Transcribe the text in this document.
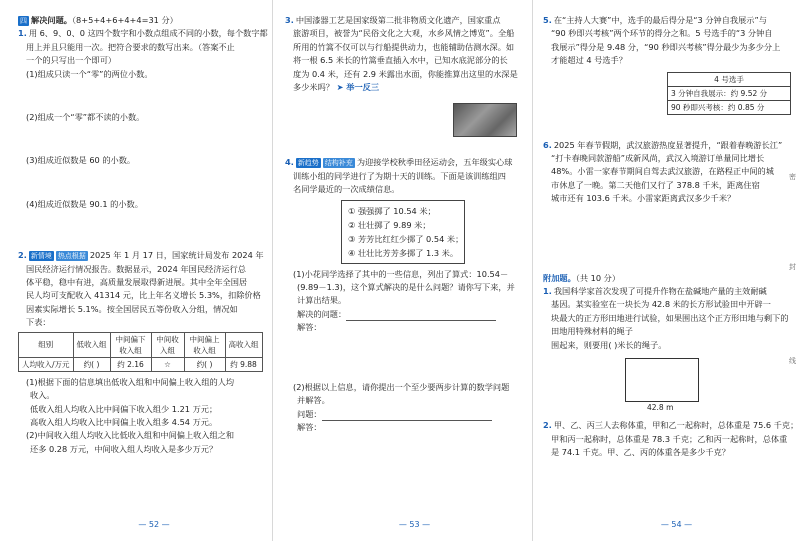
四 解决问题。（8+5+4+6+4+4=31 分）
1. 用 6、9、0、0 这四个数字和小数点组成不同的小数，每个数字都
用上并且只能用一次。把符合要求的数写出来。（答案不止
一个的只写出一个即可）
(1)组成只读一个“零”的两位小数。
(2)组成一个“零”都不读的小数。
(3)组成近似数是 60 的小数。
(4)组成近似数是 90.1 的小数。
2. 新情境 热点根据 2025 年 1 月 17 日，国家统计局发布 2024 年
国民经济运行情况报告。数据显示，2024 年国民经济运行总
体平稳，稳中有进，高质量发展取得新进展。其中全年全国居
民人均可支配收入 41314 元，比上年名义增长 5.3%，扣除价格
因素实际增长 5.1%。按全国居民五等份收入分组，情况如
下表：
组别	低收入组	中间偏下收入组	中间收入组	中间偏上收入组	高收入组
人均收入/万元	约( )	约 2.16	☆	约( )	约 9.88
(1)根据下面的信息填出低收入组和中间偏上收入组的人均
收入。
低收入组人均收入比中间偏下收入组少 1.21 万元；
高收入组人均收入比中间偏上收入组多 4.54 万元。
(2)中间收入组人均收入比低收入组和中间偏上收入组之和
还多 0.28 万元，中间收入组人均收入是多少万元？
— 52 —
3. 中国漆器工艺是国家级第二批非物质文化遗产，国家重点
旅游项目，被誉为“民俗文化之大观，水乡风情之博览”。全船
所用的竹篙不仅可以与行船提供动力，也能辅助估测水深。如
将一根 6.5 米长的竹篙垂直插入水中，已知水底泥部分的长
度为 0.4 米，还有 2.9 米露出水面，你能推算出这里的水深是
多少米吗？ ➤ 举一反三
4. 新趋势 结构补充 为迎接学校秋季田径运动会，五年级实心球
训练小组的同学进行了为期十天的训练。下面是该训练组四
名同学最近的一次成绩信息。
① 强强掷了 10.54 米；
② 壮壮掷了 9.89 米；
③ 芳芳比红红少掷了 0.54 米；
④ 壮壮比芳芳多掷了 1.3 米。
(1)小花同学选择了其中的一些信息，列出了算式：10.54－
(9.89－1.3)，这个算式解决的是什么问题？请你写下来，并
计算出结果。
解决的问题：
解答：
(2)根据以上信息，请你提出一个至少要两步计算的数学问题
并解答。
问题：
解答：
— 53 —
5. 在“主持人大赛”中，选手的最后得分是“3 分钟自我展示”与
“90 秒即兴考核”两个环节的得分之和。5 号选手的“3 分钟自
我展示”得分是 9.48 分，“90 秒即兴考核”得分最少为多少分上
才能超过 4 号选手？
4 号选手
3 分钟自我展示：约 9.52 分
90 秒即兴考核：约 0.85 分
6. 2025 年春节假期，武汉旅游热度显著提升，“跟着春晚游长江”
“打卡春晚同款游船”成新风尚，武汉入境游订单量同比增长
48%。小雷一家春节期间自驾去武汉旅游，在路程正中间的城
市休息了一晚。第二天他们又行了 378.8 千米，距离住宿
城市还有 103.6 千米。小雷家距离武汉多少千米？
附加题。（共 10 分）
1. 我国科学家首次发现了可提升作物在盐碱地产量的主效耐碱
基因。某实验室在一块长为 42.8 米的长方形试验田中开辟一
块最大的正方形田地进行试验，如果围出这个正方形田地与剩下的田地用特殊材料的绳子
围起来，则要用( )米长的绳子。
42.8 m
2. 甲、乙、丙三人去称体重，甲和乙一起称时，总体重是 75.6 千克；
甲和丙一起称时，总体重是 78.3 千克；乙和丙一起称时，总体重
是 74.1 千克。甲、乙、丙的体重各是多少千克？
— 54 —
密
封
线
